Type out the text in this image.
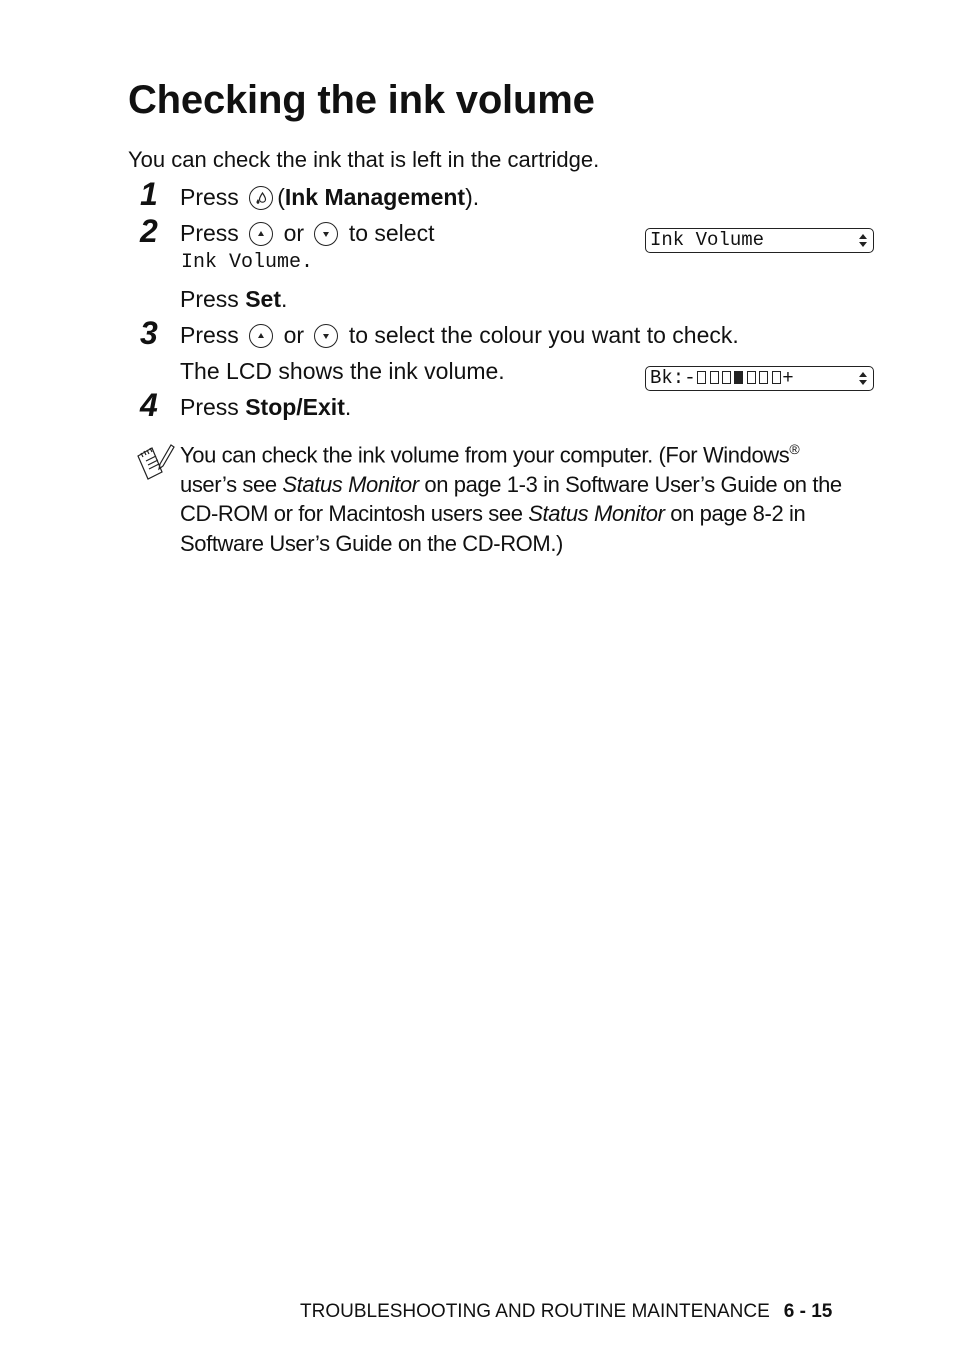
Checking the ink volume
You can check the ink that is left in the cartridge.
1 Press (Ink Management).
2 Press or to select
Ink Volume.
Press Set.
Ink Volume
3 Press or to select the colour you want to check.
The LCD shows the ink volume.	Bk:-	+
4 Press Stop/Exit.
You can check the ink volume from your computer. (For Windows®
user’s see Status Monitor on page 1-3 in Software User’s Guide on the CD-ROM or for Macintosh users see Status Monitor on page 8-2 in Software User’s Guide on the CD-ROM.)
TROUBLESHOOTING AND ROUTINE MAINTENANCE 6 - 15
